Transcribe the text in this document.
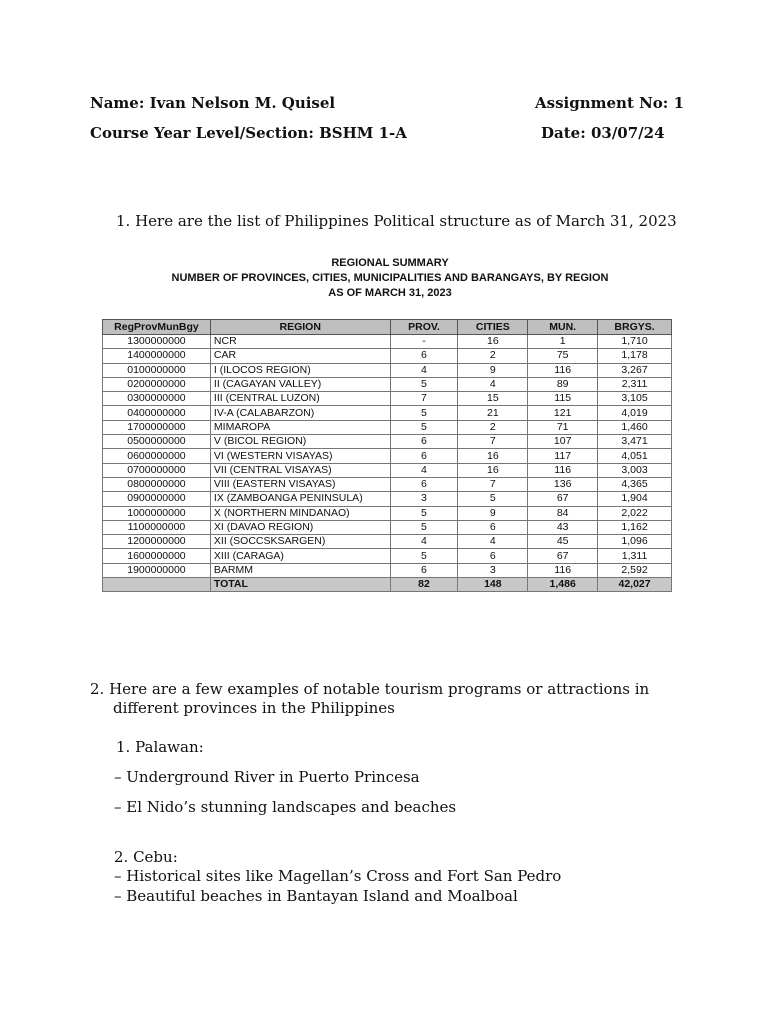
Name: Ivan Nelson M. Quisel	Assignment No: 1
Course Year Level/Section: BSHM 1-A	Date: 03/07/24
1. Here are the list of Philippines Political structure as of March 31, 2023
REGIONAL SUMMARY
NUMBER OF PROVINCES, CITIES, MUNICIPALITIES AND BARANGAYS, BY REGION
AS OF MARCH 31, 2023
RegProvMunBgy	REGION	PROV.	CITIES	MUN.	BRGYS.
1300000000	NCR	-	16	1	1,710
1400000000	CAR	6	2	75	1,178
0100000000	I (ILOCOS REGION)	4	9	116	3,267
0200000000	II (CAGAYAN VALLEY)	5	4	89	2,311
0300000000	III (CENTRAL LUZON)	7	15	115	3,105
0400000000	IV-A (CALABARZON)	5	21	121	4,019
1700000000	MIMAROPA	5	2	71	1,460
0500000000	V (BICOL REGION)	6	7	107	3,471
0600000000	VI (WESTERN VISAYAS)	6	16	117	4,051
0700000000	VII (CENTRAL VISAYAS)	4	16	116	3,003
0800000000	VIII (EASTERN VISAYAS)	6	7	136	4,365
0900000000	IX (ZAMBOANGA PENINSULA)	3	5	67	1,904
1000000000	X (NORTHERN MINDANAO)	5	9	84	2,022
1100000000	XI (DAVAO REGION)	5	6	43	1,162
1200000000	XII (SOCCSKSARGEN)	4	4	45	1,096
1600000000	XIII (CARAGA)	5	6	67	1,311
1900000000	BARMM	6	3	116	2,592
	TOTAL	82	148	1,486	42,027
2. Here are a few examples of notable tourism programs or attractions in
different provinces in the Philippines
1. Palawan:
– Underground River in Puerto Princesa
– El Nido’s stunning landscapes and beaches
2. Cebu:
– Historical sites like Magellan’s Cross and Fort San Pedro
– Beautiful beaches in Bantayan Island and Moalboal
